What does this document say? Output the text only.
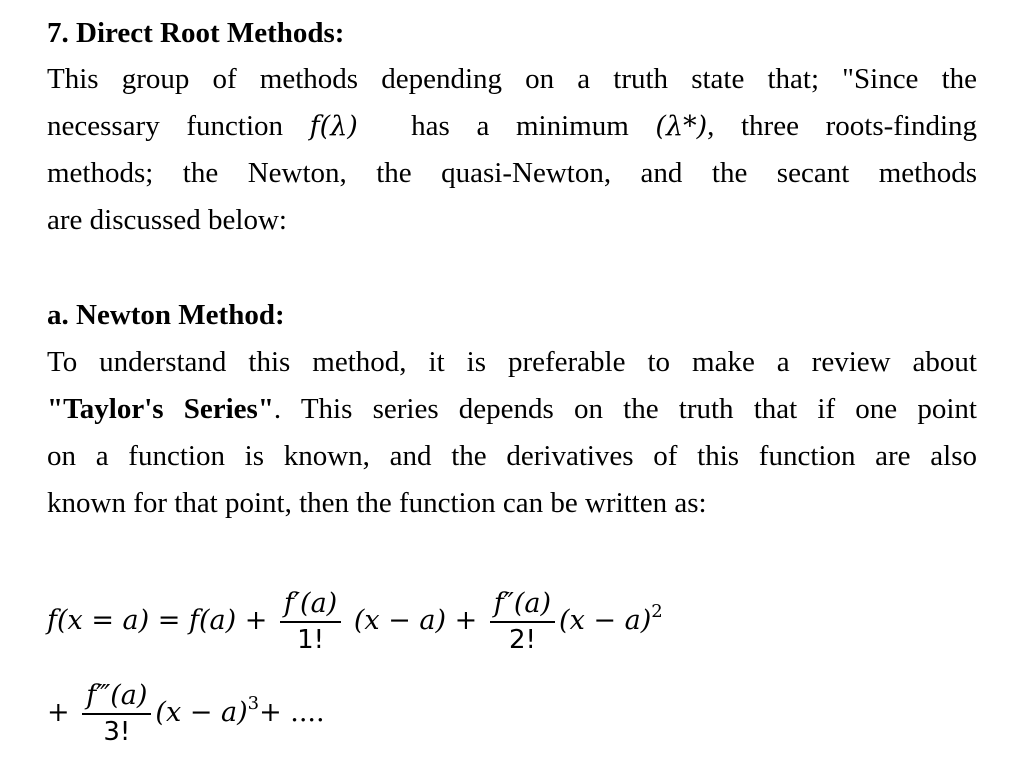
7. Direct Root Methods:
This group of methods depending on a truth state that; "Since the
necessary function f(λ) has a minimum (λ*), three roots-finding
methods; the Newton, the quasi-Newton, and the secant methods
are discussed below:
a. Newton Method:
To understand this method, it is preferable to make a review about
"Taylor's Series". This series depends on the truth that if one point
on a function is known, and the derivatives of this function are also
known for that point, then the function can be written as:
$f(x = a) = f(a) + \frac{f'(a)}{1!} (x - a) + \frac{f''(a)}{2!} (x - a)^2$
+ $\frac{f‴(a)}{3!} (x - a)^3+$ ....
